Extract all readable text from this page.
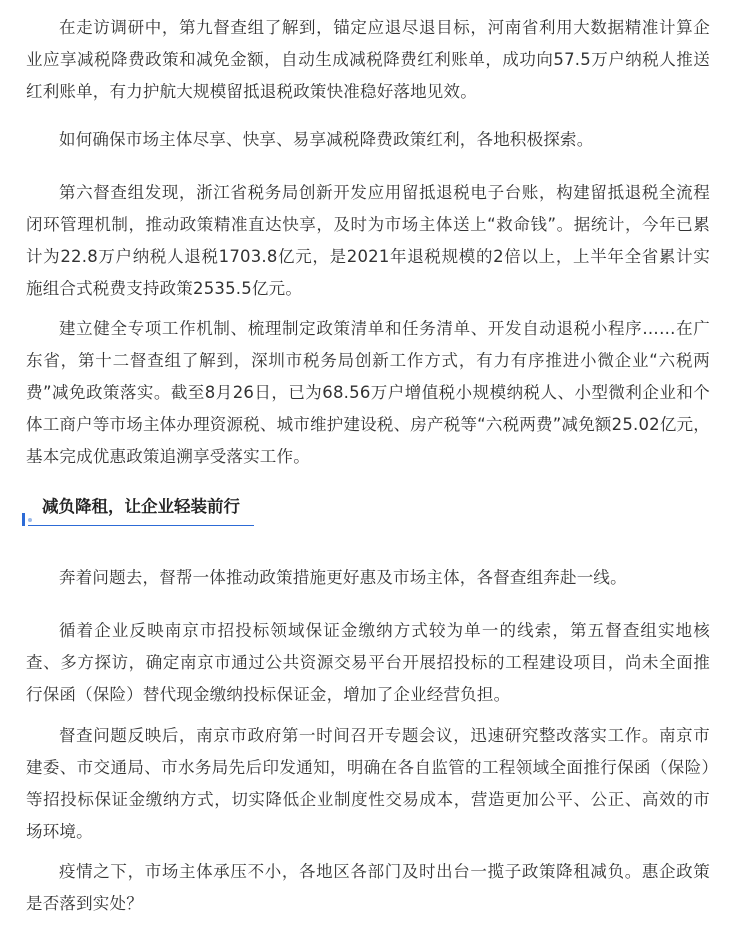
在走访调研中，第九督查组了解到，锚定应退尽退目标，河南省利用大数据精准计算企业应享减税降费政策和减免金额，自动生成减税降费红利账单，成功向57.5万户纳税人推送红利账单，有力护航大规模留抵退税政策快准稳好落地见效。

如何确保市场主体尽享、快享、易享减税降费政策红利，各地积极探索。

第六督查组发现，浙江省税务局创新开发应用留抵退税电子台账，构建留抵退税全流程闭环管理机制，推动政策精准直达快享，及时为市场主体送上“救命钱”。据统计，今年已累计为22.8万户纳税人退税1703.8亿元，是2021年退税规模的2倍以上，上半年全省累计实施组合式税费支持政策2535.5亿元。

建立健全专项工作机制、梳理制定政策清单和任务清单、开发自动退税小程序……在广东省，第十二督查组了解到，深圳市税务局创新工作方式，有力有序推进小微企业“六税两费”减免政策落实。截至8月26日，已为68.56万户增值税小规模纳税人、小型微利企业和个体工商户等市场主体办理资源税、城市维护建设税、房产税等“六税两费”减免额25.02亿元，基本完成优惠政策追溯享受落实工作。

减负降租，让企业轻装前行

奔着问题去，督帮一体推动政策措施更好惠及市场主体，各督查组奔赴一线。

循着企业反映南京市招投标领域保证金缴纳方式较为单一的线索，第五督查组实地核查、多方探访，确定南京市通过公共资源交易平台开展招投标的工程建设项目，尚未全面推行保函（保险）替代现金缴纳投标保证金，增加了企业经营负担。

督查问题反映后，南京市政府第一时间召开专题会议，迅速研究整改落实工作。南京市建委、市交通局、市水务局先后印发通知，明确在各自监管的工程领域全面推行保函（保险）等招投标保证金缴纳方式，切实降低企业制度性交易成本，营造更加公平、公正、高效的市场环境。

疫情之下，市场主体承压不小，各地区各部门及时出台一揽子政策降租减负。惠企政策是否落到实处？
